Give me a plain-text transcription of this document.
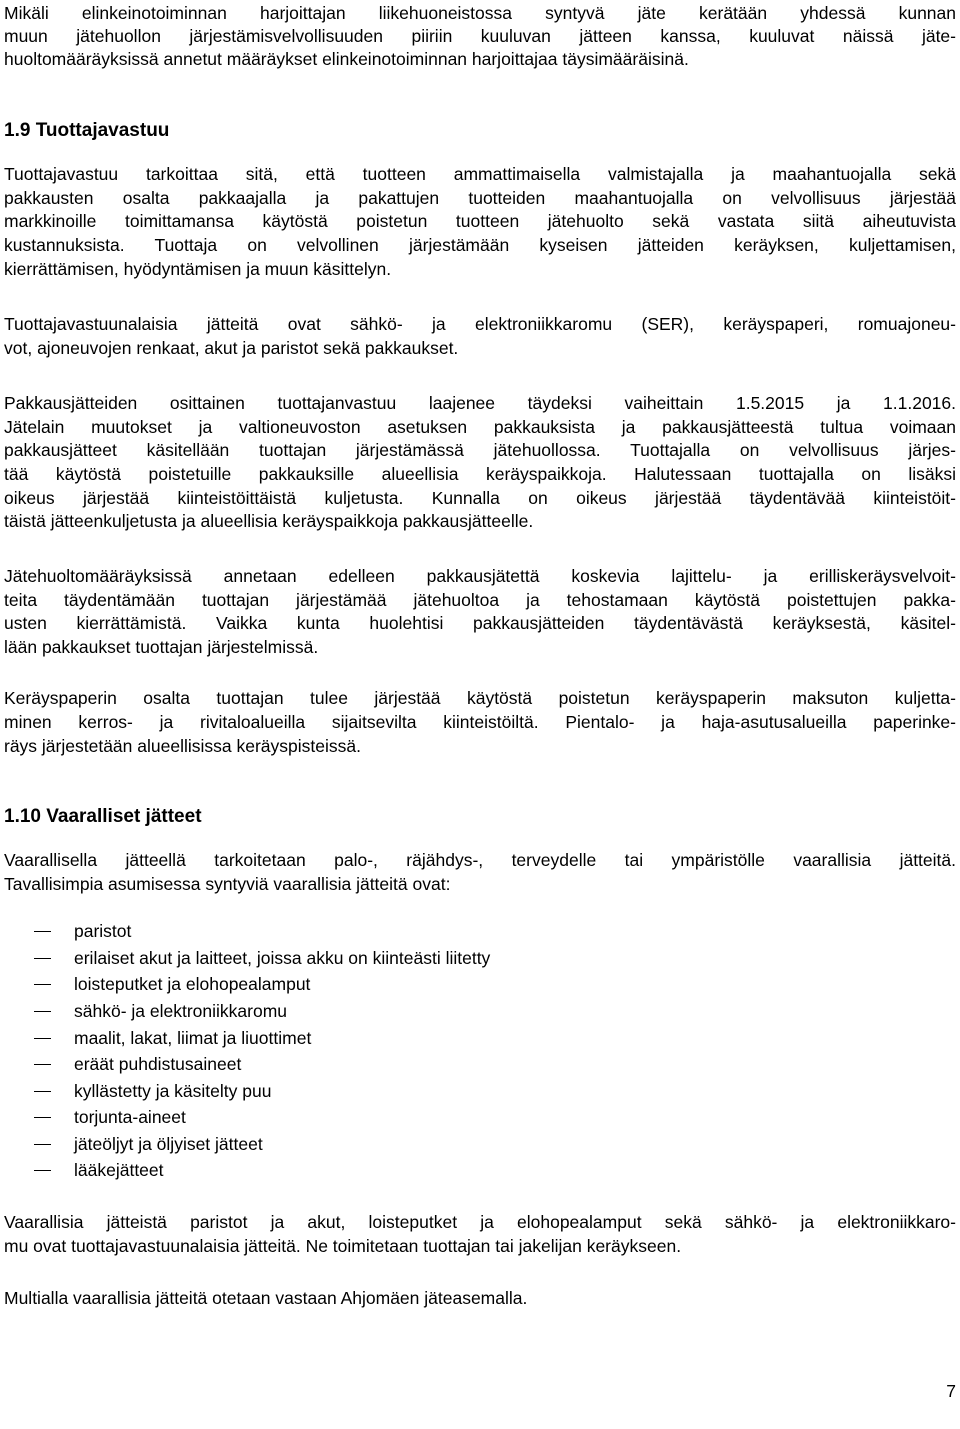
Mikäli elinkeinotoiminnan harjoittajan liikehuoneistossa syntyvä jäte kerätään yhdessä kunnan
muun jätehuollon järjestämisvelvollisuuden piiriin kuuluvan jätteen kanssa, kuuluvat näissä jäte-
huoltomääräyksissä annetut määräykset elinkeinotoiminnan harjoittajaa täysimääräisinä.
1.9 Tuottajavastuu
Tuottajavastuu tarkoittaa sitä, että tuotteen ammattimaisella valmistajalla ja maahantuojalla sekä
pakkausten osalta pakkaajalla ja pakattujen tuotteiden maahantuojalla on velvollisuus järjestää
markkinoille toimittamansa käytöstä poistetun tuotteen jätehuolto sekä vastata siitä aiheutuvista
kustannuksista. Tuottaja on velvollinen järjestämään kyseisen jätteiden keräyksen, kuljettamisen,
kierrättämisen, hyödyntämisen ja muun käsittelyn.
Tuottajavastuunalaisia jätteitä ovat sähkö- ja elektroniikkaromu (SER), keräyspaperi, romuajoneu-
vot, ajoneuvojen renkaat, akut ja paristot sekä pakkaukset.
Pakkausjätteiden osittainen tuottajanvastuu laajenee täydeksi vaiheittain 1.5.2015 ja 1.1.2016.
Jätelain muutokset ja valtioneuvoston asetuksen pakkauksista ja pakkausjätteestä tultua voimaan
pakkausjätteet käsitellään tuottajan järjestämässä jätehuollossa. Tuottajalla on velvollisuus järjes-
tää käytöstä poistetuille pakkauksille alueellisia keräyspaikkoja. Halutessaan tuottajalla on lisäksi
oikeus järjestää kiinteistöittäistä kuljetusta. Kunnalla on oikeus järjestää täydentävää kiinteistöit-
täistä jätteenkuljetusta ja alueellisia keräyspaikkoja pakkausjätteelle.
Jätehuoltomääräyksissä annetaan edelleen pakkausjätettä koskevia lajittelu- ja erilliskeräysvelvoit-
teita täydentämään tuottajan järjestämää jätehuoltoa ja tehostamaan käytöstä poistettujen pakka-
usten kierrättämistä. Vaikka kunta huolehtisi pakkausjätteiden täydentävästä keräyksestä, käsitel-
lään pakkaukset tuottajan järjestelmissä.
Keräyspaperin osalta tuottajan tulee järjestää käytöstä poistetun keräyspaperin maksuton kuljetta-
minen kerros- ja rivitaloalueilla sijaitsevilta kiinteistöiltä. Pientalo- ja haja-asutusalueilla paperinke-
räys järjestetään alueellisissa keräyspisteissä.
1.10 Vaaralliset jätteet
Vaarallisella jätteellä tarkoitetaan palo-, räjähdys-, terveydelle tai ympäristölle vaarallisia jätteitä.
Tavallisimpia asumisessa syntyviä vaarallisia jätteitä ovat:
paristot
erilaiset akut ja laitteet, joissa akku on kiinteästi liitetty
loisteputket ja elohopealamput
sähkö- ja elektroniikkaromu
maalit, lakat, liimat ja liuottimet
eräät puhdistusaineet
kyllästetty ja käsitelty puu
torjunta-aineet
jäteöljyt ja öljyiset jätteet
lääkejätteet
Vaarallisia jätteistä paristot ja akut, loisteputket ja elohopealamput sekä sähkö- ja elektroniikkaro-
mu ovat tuottajavastuunalaisia jätteitä. Ne toimitetaan tuottajan tai jakelijan keräykseen.
Multialla vaarallisia jätteitä otetaan vastaan Ahjomäen jäteasemalla.
7
